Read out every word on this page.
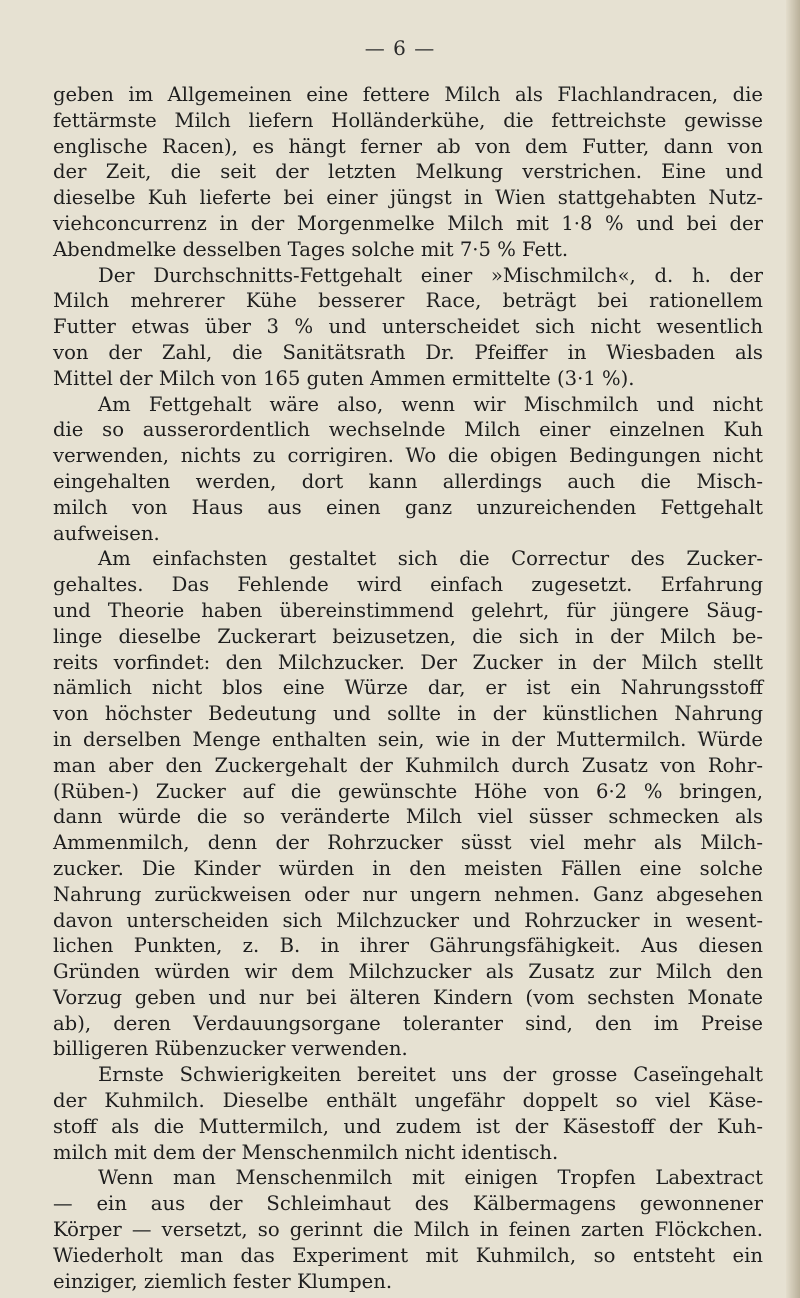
— 6 —
geben im Allgemeinen eine fettere Milch als Flachlandracen, die
fettärmste Milch liefern Holländerkühe, die fettreichste gewisse
englische Racen), es hängt ferner ab von dem Futter, dann von
der Zeit, die seit der letzten Melkung verstrichen. Eine und
dieselbe Kuh lieferte bei einer jüngst in Wien stattgehabten Nutz-
viehconcurrenz in der Morgenmelke Milch mit 1·8 % und bei der
Abendmelke desselben Tages solche mit 7·5 % Fett.
Der Durchschnitts-Fettgehalt einer »Mischmilch«, d. h. der
Milch mehrerer Kühe besserer Race, beträgt bei rationellem
Futter etwas über 3 % und unterscheidet sich nicht wesentlich
von der Zahl, die Sanitätsrath Dr. Pfeiffer in Wiesbaden als
Mittel der Milch von 165 guten Ammen ermittelte (3·1 %).
Am Fettgehalt wäre also, wenn wir Mischmilch und nicht
die so ausserordentlich wechselnde Milch einer einzelnen Kuh
verwenden, nichts zu corrigiren. Wo die obigen Bedingungen nicht
eingehalten werden, dort kann allerdings auch die Misch-
milch von Haus aus einen ganz unzureichenden Fettgehalt
aufweisen.
Am einfachsten gestaltet sich die Correctur des Zucker-
gehaltes. Das Fehlende wird einfach zugesetzt. Erfahrung
und Theorie haben übereinstimmend gelehrt, für jüngere Säug-
linge dieselbe Zuckerart beizusetzen, die sich in der Milch be-
reits vorfindet: den Milchzucker. Der Zucker in der Milch stellt
nämlich nicht blos eine Würze dar, er ist ein Nahrungsstoff
von höchster Bedeutung und sollte in der künstlichen Nahrung
in derselben Menge enthalten sein, wie in der Muttermilch. Würde
man aber den Zuckergehalt der Kuhmilch durch Zusatz von Rohr-
(Rüben-) Zucker auf die gewünschte Höhe von 6·2 % bringen,
dann würde die so veränderte Milch viel süsser schmecken als
Ammenmilch, denn der Rohrzucker süsst viel mehr als Milch-
zucker. Die Kinder würden in den meisten Fällen eine solche
Nahrung zurückweisen oder nur ungern nehmen. Ganz abgesehen
davon unterscheiden sich Milchzucker und Rohrzucker in wesent-
lichen Punkten, z. B. in ihrer Gährungsfähigkeit. Aus diesen
Gründen würden wir dem Milchzucker als Zusatz zur Milch den
Vorzug geben und nur bei älteren Kindern (vom sechsten Monate
ab), deren Verdauungsorgane toleranter sind, den im Preise
billigeren Rübenzucker verwenden.
Ernste Schwierigkeiten bereitet uns der grosse Caseïngehalt
der Kuhmilch. Dieselbe enthält ungefähr doppelt so viel Käse-
stoff als die Muttermilch, und zudem ist der Käsestoff der Kuh-
milch mit dem der Menschenmilch nicht identisch.
Wenn man Menschenmilch mit einigen Tropfen Labextract
— ein aus der Schleimhaut des Kälbermagens gewonnener
Körper — versetzt, so gerinnt die Milch in feinen zarten Flöckchen.
Wiederholt man das Experiment mit Kuhmilch, so entsteht ein
einziger, ziemlich fester Klumpen.
